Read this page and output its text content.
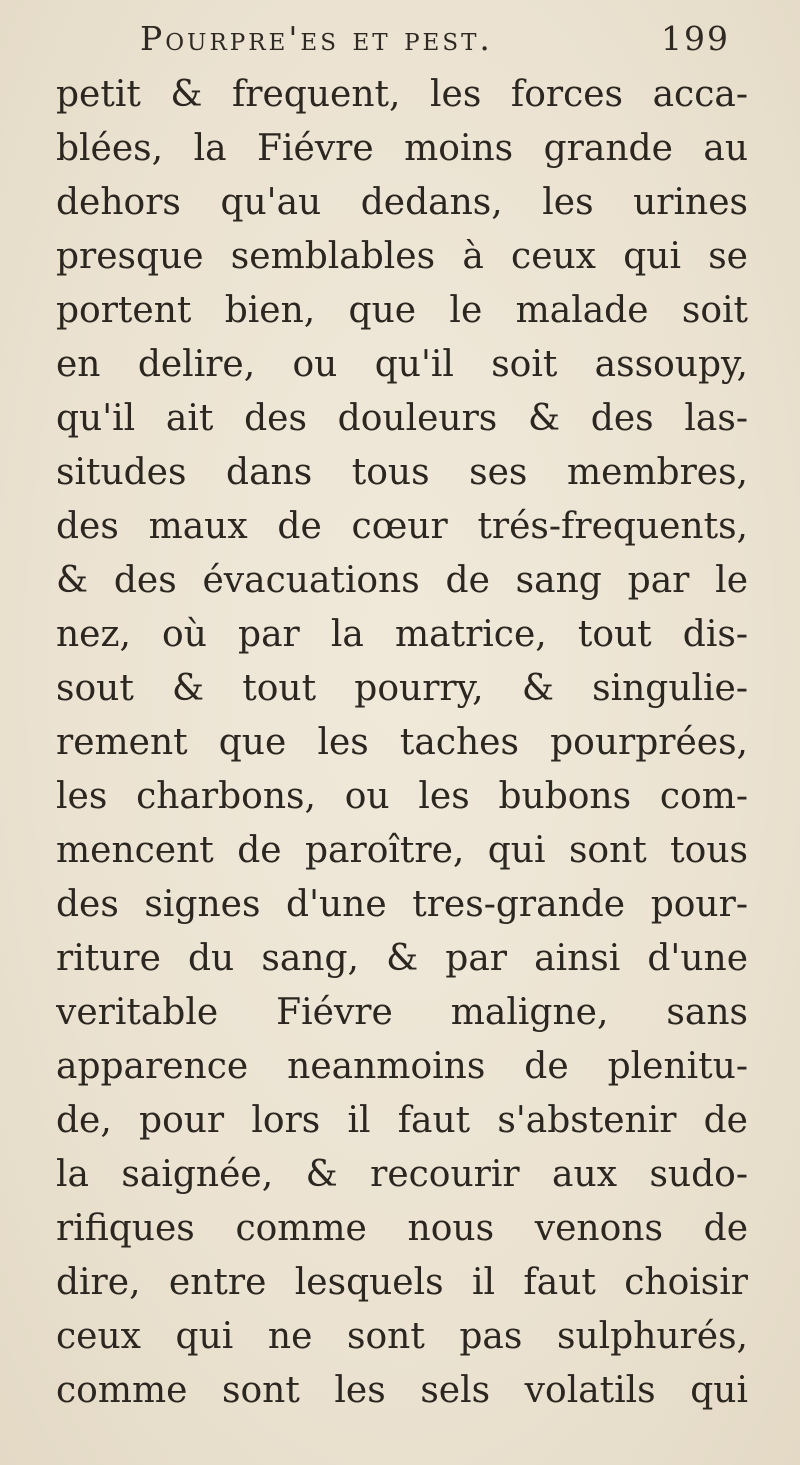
Pourpre'es et pest.	199
petit & frequent, les forces acca-
blées, la Fiévre moins grande au
dehors qu'au dedans, les urines
presque semblables à ceux qui se
portent bien, que le malade soit
en delire, ou qu'il soit assoupy,
qu'il ait des douleurs & des las-
situdes dans tous ses membres,
des maux de cœur trés-frequents,
& des évacuations de sang par le
nez, où par la matrice, tout dis-
sout & tout pourry, & singulie-
rement que les taches pourprées,
les charbons, ou les bubons com-
mencent de paroître, qui sont tous
des signes d'une tres-grande pour-
riture du sang, & par ainsi d'une
veritable Fiévre maligne, sans
apparence neanmoins de plenitu-
de, pour lors il faut s'abstenir de
la saignée, & recourir aux sudo-
rifiques comme nous venons de
dire, entre lesquels il faut choisir
ceux qui ne sont pas sulphurés,
comme sont les sels volatils qui
